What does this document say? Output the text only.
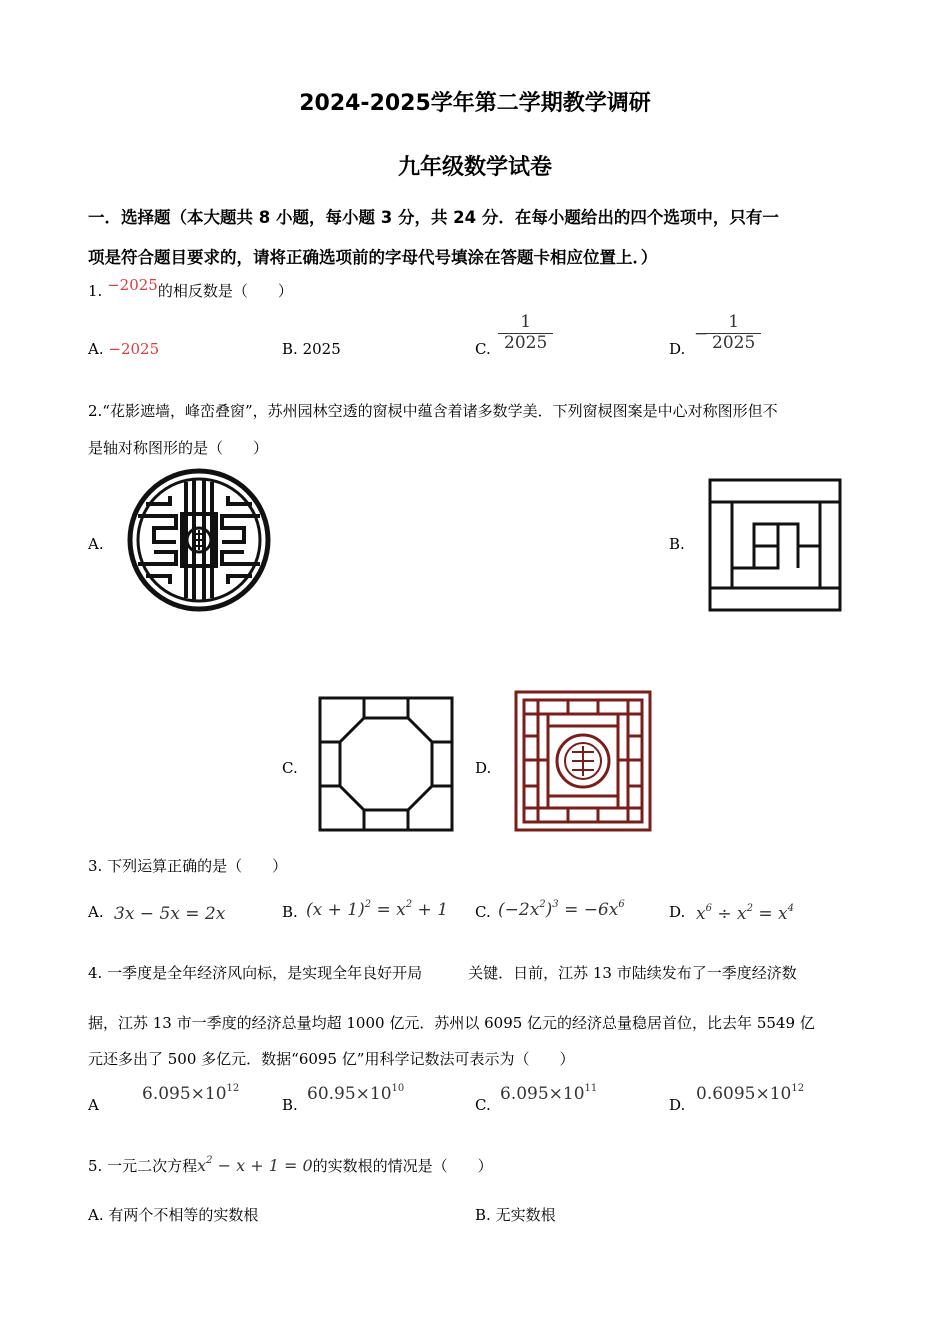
2024-2025学年第二学期教学调研
九年级数学试卷
一．选择题（本大题共 8 小题，每小题 3 分，共 24 分．在每小题给出的四个选项中，只有一
项是符合题目要求的，请将正确选项前的字母代号填涂在答题卡相应位置上．）
1. −2025的相反数是（　　）
A. −2025	B. 2025	C. $\frac{1}{2025}$	D.
−
$\frac{1}{2025}$
2.“花影遮墙，峰峦叠窗”，苏州园林空透的窗棂中蕴含着诸多数学美．下列窗棂图案是中心对称图形但不
是轴对称图形的是（　　）
A.	B.
C.	D.
3. 下列运算正确的是（　　）
A. 3x − 5x = 2x	B. $(x + 1)^2 = x^2 + 1$ C. $(-2x^2)^3 = -6x^6$	D. $x^6 \div x^2 = x^4$
4. 一季度是全年经济风向标，是实现全年良好开局	关键．日前，江苏 13 市陆续发布了一季度经济数
据，江苏 13 市一季度的经济总量均超 1000 亿元．苏州以 6095 亿元的经济总量稳居首位，比去年 5549 亿
元还多出了 500 多亿元．数据“6095 亿”用科学记数法可表示为（　　）
A
$6.095\times 10^{12}$
B.
$60.95\times 10^{10}$
C.
$6.095\times 10^{11}$
D.
$0.6095\times 10^{12}$
5. 一元二次方程$x^2 - x + 1 = 0$的实数根的情况是（　　）
A. 有两个不相等的实数根	B. 无实数根
